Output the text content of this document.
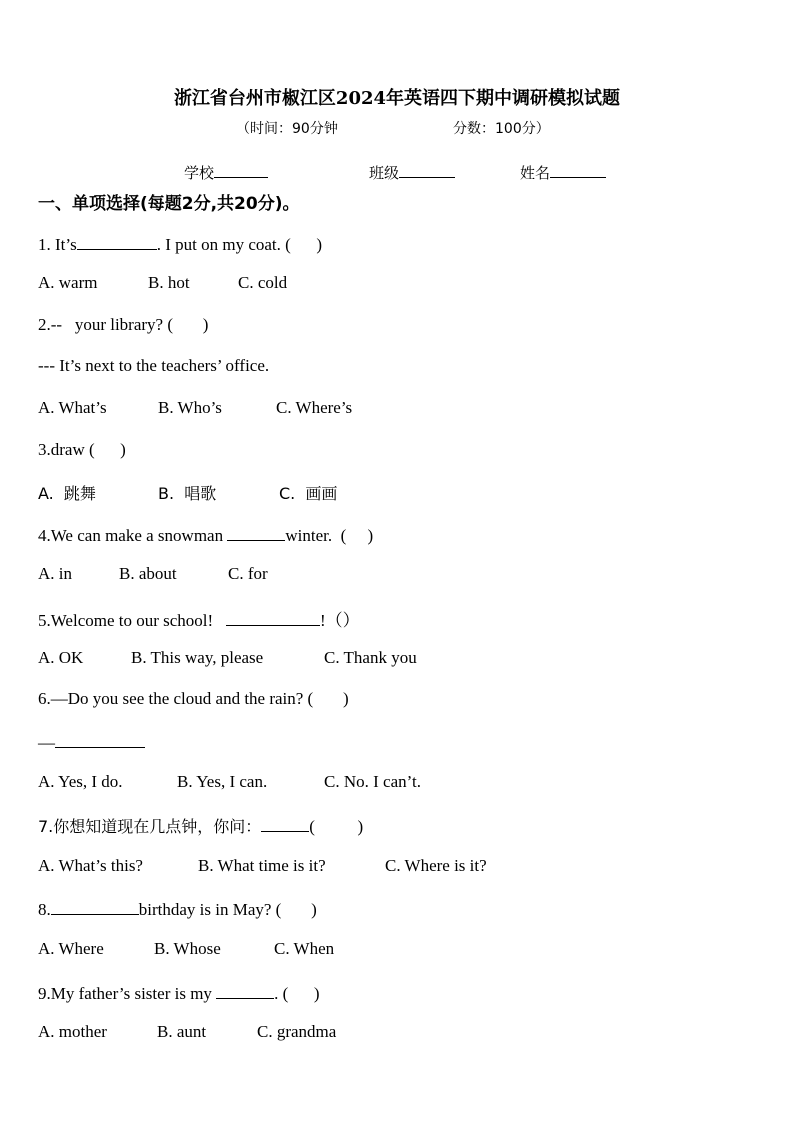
浙江省台州市椒江区2024年英语四下期中调研模拟试题
（时间：90分钟	分数：100分）
学校	班级	姓名
一、单项选择(每题2分,共20分)。
1. It’s	. I put on my coat. (      )
A. warm	B. hot	C. cold
2.--   your library? (       )
--- It’s next to the teachers’ office.
A. What’s	B. Who’s	C. Where’s
3.draw (      )
A.  跳舞	B.  唱歌	C.  画画
4.We can make a snowman	winter.  (     )
A. in	B. about	C. for
5.Welcome to our school!	!（）
A. OK	B. This way, please	C. Thank you
6.—Do you see the cloud and the rain? (       )
—
A. Yes, I do.	B. Yes, I can.	C. No. I can’t.
7.你想知道现在几点钟，你问：	(          )
A. What’s this?	B. What time is it?	C. Where is it?
8.	birthday is in May? (       )
A. Where	B. Whose	C. When
9.My father’s sister is my	. (      )
A. mother	B. aunt	C. grandma
